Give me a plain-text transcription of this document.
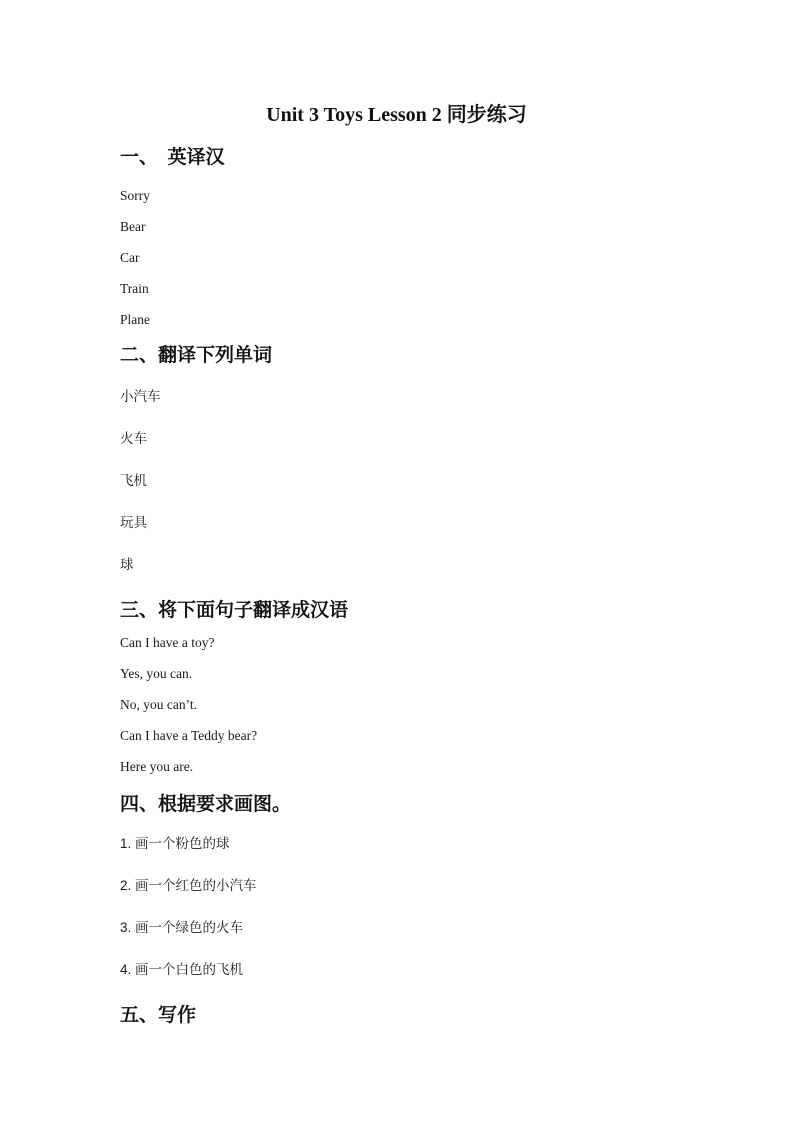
Unit 3 Toys Lesson 2 同步练习
一、　英译汉

Sorry

Bear

Car

Train

Plane

二、翻译下列单词

小汽车

火车

飞机

玩具

球

三、将下面句子翻译成汉语

Can I have a toy?

Yes, you can.

No, you can’t.

Can I have a Teddy bear?

Here you are.

四、根据要求画图。

1. 画一个粉色的球

2. 画一个红色的小汽车

3. 画一个绿色的火车

4. 画一个白色的飞机

五、写作
